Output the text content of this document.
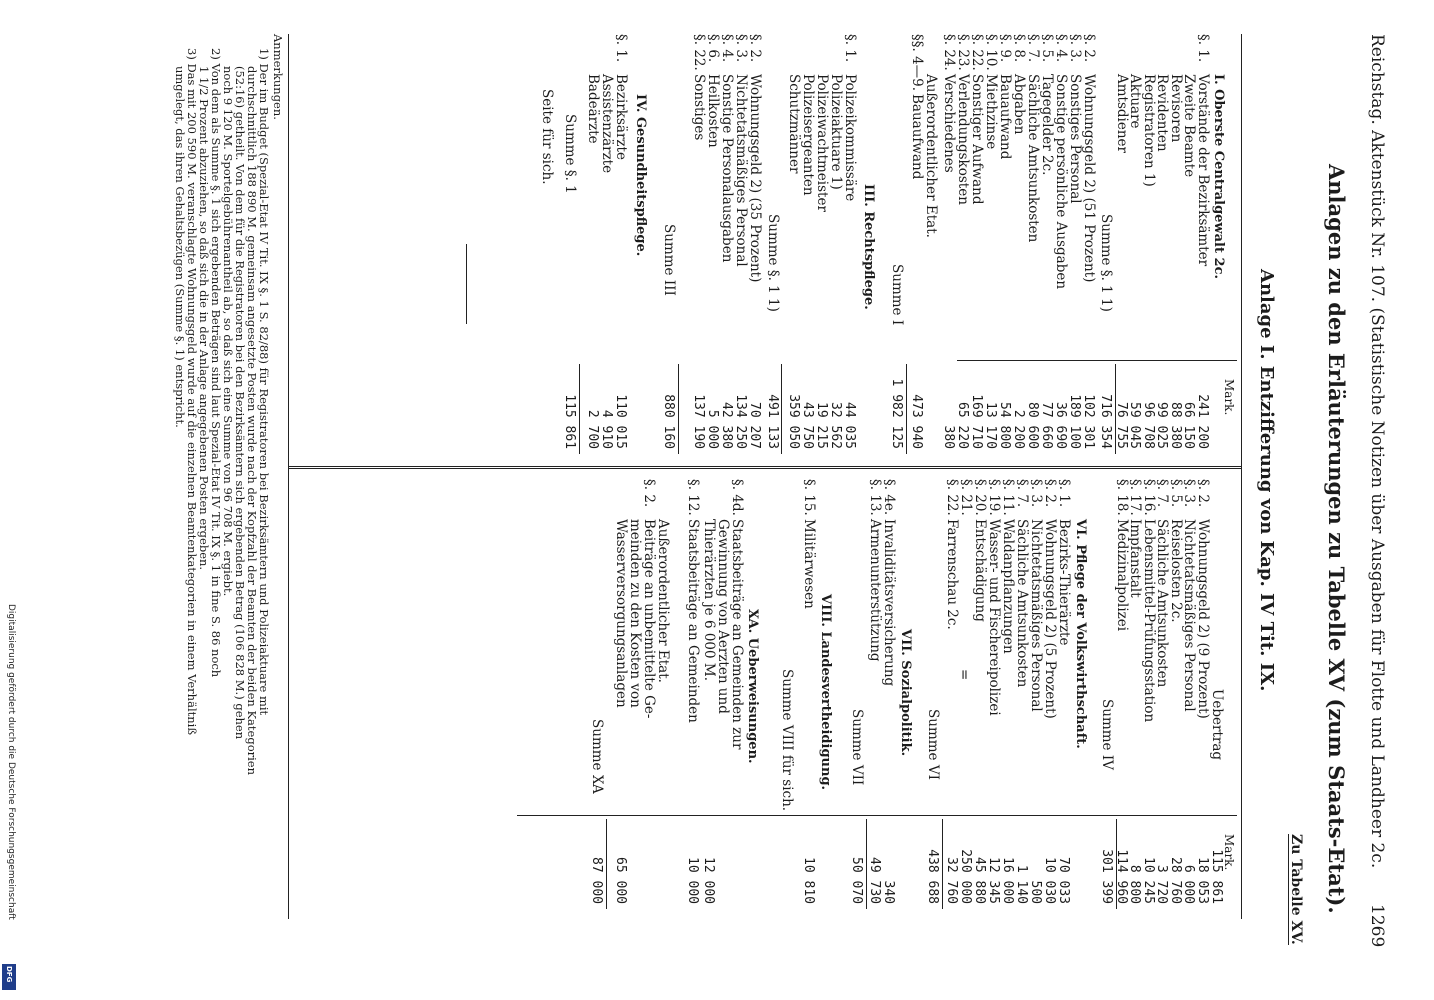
Reichstag. Aktenstück Nr. 107. (Statistische Notizen über Ausgaben für Flotte und Landheer 2c.
1269
Anlagen zu den Erläuterungen zu Tabelle XV (zum Staats-Etat).
Zu Tabelle XV.
Anlage I. Entzifferung von Kap. IV Tit. IX.
Mark.
I. Oberste Centralgewalt 2c.
§. 1.
Vorstände der Bezirksämter
241 200
Zweite Beamte
66 150
Revisoren
88 380
Revidenten
99 025
Registratoren 1)
96 708
Aktuare
59 045
Amtsdiener
76 755
Summe §. 1 1)
716 354
§. 2.
Wohnungsgeld 2) (51 Prozent)
102 301
§. 3.
Sonstiges Personal
189 100
§. 4.
Sonstige persönliche Ausgaben
36 690
§. 5.
Tagegelder 2c.
77 660
§. 7.
Sächliche Amtsunkosten
80 600
§. 8.
Abgaben
2 200
§. 9.
Bauaufwand
54 800
§. 10.
Miethzinse
13 170
§. 22.
Sonstiger Aufwand
169 710
§. 23.
Verlendungskosten
65 220
§. 24.
Verschiedenes
380
Außerordentlicher Etat.
§§. 4—9.
Bauaufwand
473 940
Summe I
1 982 125
III. Rechtspflege.
§. 1.
Polizeikommissäre
44 035
Polizeiaktuare 1)
32 562
Polizeiwachtmeister
19 215
Polizeisergeanten
43 750
Schutzmänner
359 050
Summe §. 1 1)
491 133
§. 2.
Wohnungsgeld 2) (35 Prozent)
70 207
§. 3.
Nichtetatsmäßiges Personal
134 250
§. 4.
Sonstige Personalausgaben
42 380
§. 6.
Heilkosten
5 000
§. 22.
Sonstiges
137 190
Summe III
880 160
IV. Gesundheitspflege.
§. 1.
Bezirksärzte
110 015
Assistenzärzte
4 910
Badeärzte
2 700
Summe §. 1
115 861
Seite für sich.
Mark.
Uebertrag
115 861
§. 2.
Wohnungsgeld 2) (9 Prozent)
18 053
§. 3.
Nichtetatsmäßiges Personal
6 000
§. 5.
Reiselosten 2c.
28 760
§. 7.
Sächliche Amtsunkosten
3 720
§. 16.
Lebensmittel-Prüfungsstation
10 245
§. 17.
Impfanstalt
8 800
§. 18.
Medizinalpolizei
114 960
Summe IV
301 399
VI. Pflege der Volkswirthschaft.
§. 1.
Bezirks-Thierärzte
70 033
§. 2.
Wohnungsgeld 2) (5 Prozent)
10 030
§. 3.
Nichtetatsmäßiges Personal
500
§. 7.
Sächliche Amtsunkosten
1 140
§. 11.
Waldanpflanzungen
16 000
§. 19.
Wasser- und Fischereipolizei
12 345
§. 20.
Entschädigung
45 880
§. 21.
250 000
§. 22.
Farrenschau 2c.
32 760
=
Summe VI
438 688
VII. Sozialpolitik.
§. 4e.
Invaliditätsversicherung
340
§. 13.
Armenunterstützung
49 730
Summe VII
50 070
VIII. Landesvertheidigung.
§. 15.
Militärwesen
10 810
Summe VIII für sich.
XA. Ueberweisungen.
§. 4d.
Staatsbeiträge an Gemeinden zur
Gewinnung von Aerzten und
Thierärzten je 6 000 M.
12 000
§. 12.
Staatsbeiträge an Gemeinden
10 000
Außerordentlicher Etat.
§. 2.
Beiträge an unbemittelte Ge-
meinden zu den Kosten von
Wasserversorgungsanlagen
65 000
Summe XA
87 000
Anmerkungen.
1) Der im Budget (Spezial-Etat IV Tit. IX §. 1 S. 82/88) für Registratoren bei Bezirksämtern und Polizeiaktuare mit
durchschnittlich 188 890 M. gemeinsam angesetzte Posten wurde nach der Kopfzahl der Beamten der beiden Kategorien
(52:16) getheilt. Von dem für die Registratoren bei den Bezirksämtern sich ergebenden Betrag (106 828 M.) gehen
noch 9 120 M. Sportelgebührenantheil ab, so daß sich eine Summe von 96 708 M. ergiebt.
2) Von dem als Summe §. 1 sich ergebenden Beträgen sind laut Spezial-Etat IV Tit. IX §. 1 in fine S. 86 noch
1 1/2 Prozent abzuziehen, so daß sich die in der Anlage angegebenen Posten ergeben.
3) Das mit 200 590 M. veranschlagte Wohnungsgeld wurde auf die einzelnen Beamtenkategorien in einem Verhältniß
umgelegt, das ihren Gehaltsbezügen (Summe §. 1) entspricht.
Digitalisierung gefördert durch die Deutsche Forschungsgemeinschaft
DFG
